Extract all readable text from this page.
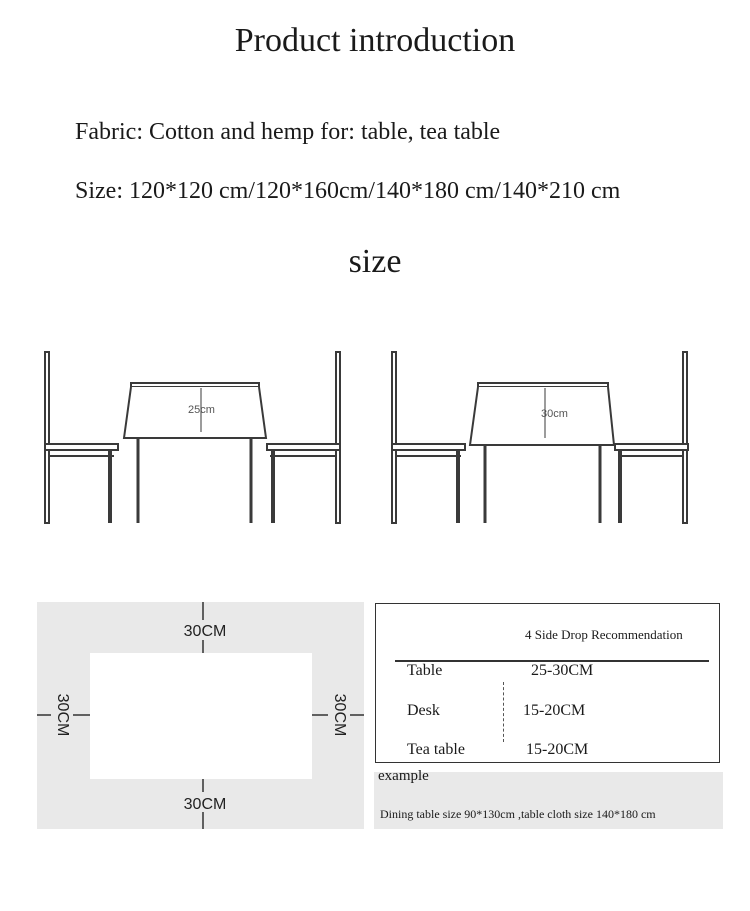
Product introduction
Fabric: Cotton and hemp for: table, tea table
Size: 120*120 cm/120*160cm/140*180 cm/140*210 cm
size
25cm	30cm
30CM
30CM
30CM	30CM
4 Side Drop Recommendation
Table	25-30CM
Desk	15-20CM
Tea table	15-20CM
example
Dining table size 90*130cm ,table cloth size 140*180 cm
